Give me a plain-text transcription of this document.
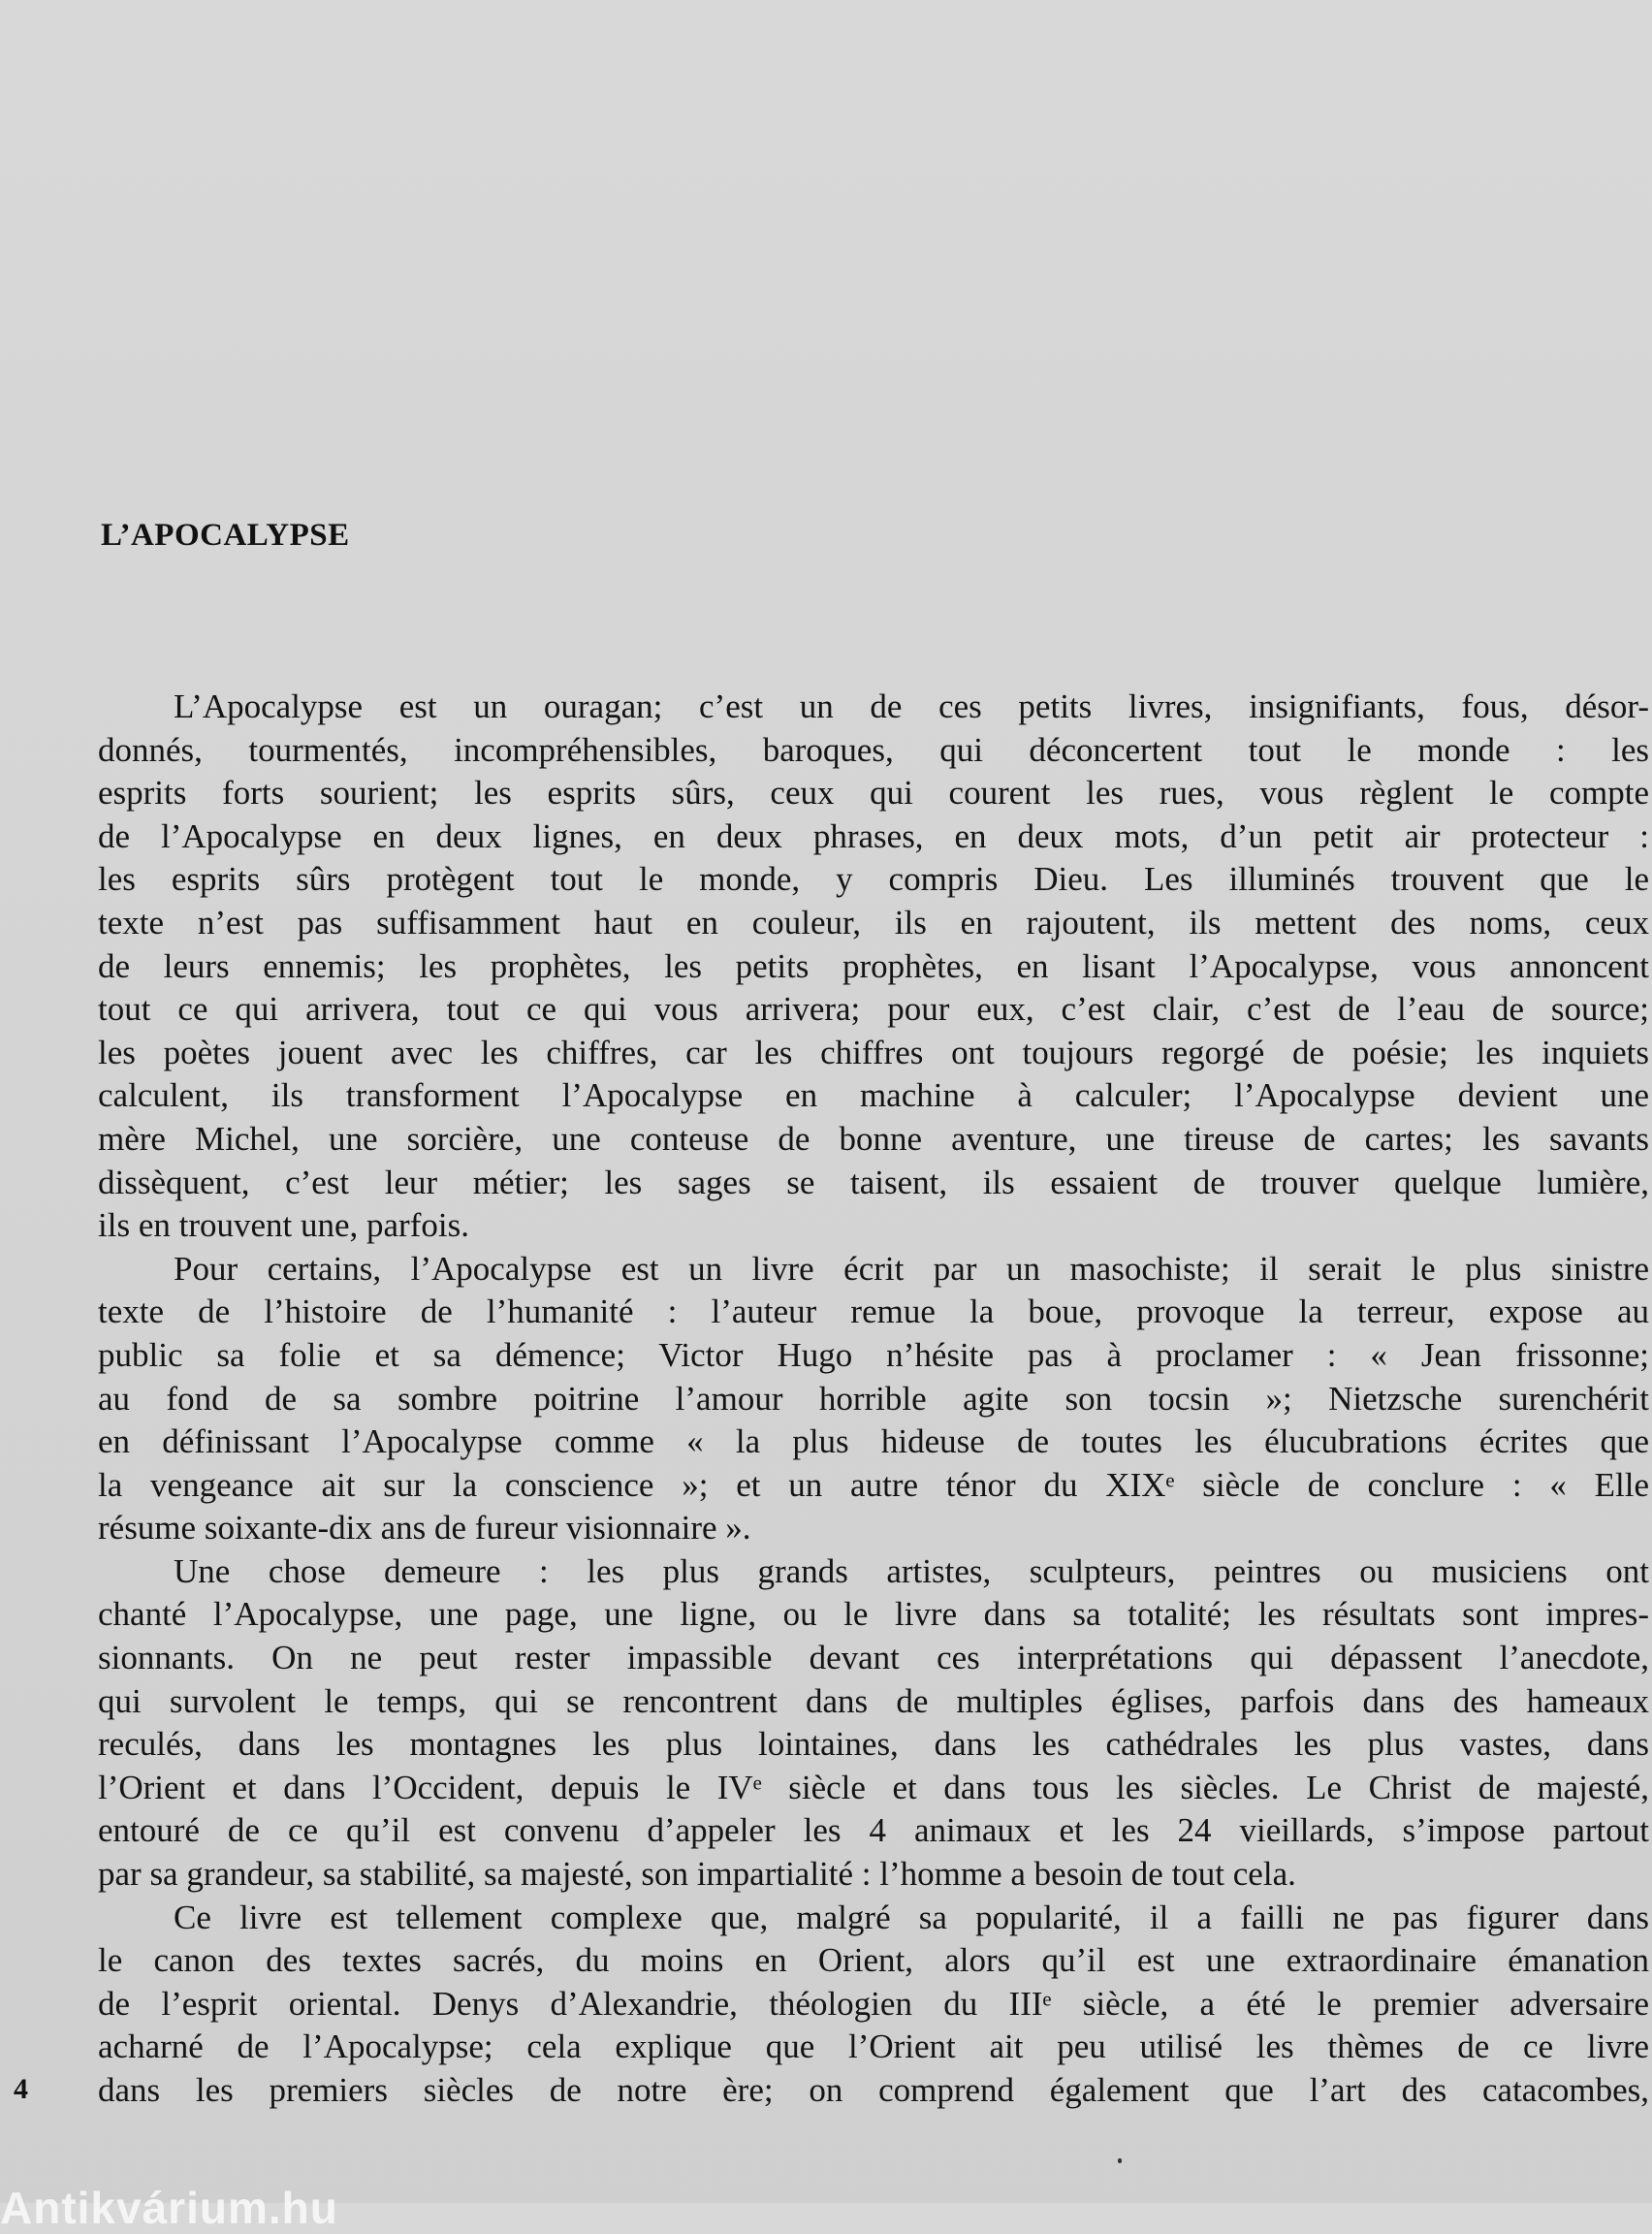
L’APOCALYPSE
L’Apocalypse est un ouragan; c’est un de ces petits livres, insignifiants, fous, désor-
donnés, tourmentés, incompréhensibles, baroques, qui déconcertent tout le monde : les
esprits forts sourient; les esprits sûrs, ceux qui courent les rues, vous règlent le compte
de l’Apocalypse en deux lignes, en deux phrases, en deux mots, d’un petit air protecteur :
les esprits sûrs protègent tout le monde, y compris Dieu. Les illuminés trouvent que le
texte n’est pas suffisamment haut en couleur, ils en rajoutent, ils mettent des noms, ceux
de leurs ennemis; les prophètes, les petits prophètes, en lisant l’Apocalypse, vous annoncent
tout ce qui arrivera, tout ce qui vous arrivera; pour eux, c’est clair, c’est de l’eau de source;
les poètes jouent avec les chiffres, car les chiffres ont toujours regorgé de poésie; les inquiets
calculent, ils transforment l’Apocalypse en machine à calculer; l’Apocalypse devient une
mère Michel, une sorcière, une conteuse de bonne aventure, une tireuse de cartes; les savants
dissèquent, c’est leur métier; les sages se taisent, ils essaient de trouver quelque lumière,
ils en trouvent une, parfois.
Pour certains, l’Apocalypse est un livre écrit par un masochiste; il serait le plus sinistre
texte de l’histoire de l’humanité : l’auteur remue la boue, provoque la terreur, expose au
public sa folie et sa démence; Victor Hugo n’hésite pas à proclamer : « Jean frissonne;
au fond de sa sombre poitrine l’amour horrible agite son tocsin »; Nietzsche surenchérit
en définissant l’Apocalypse comme « la plus hideuse de toutes les élucubrations écrites que
la vengeance ait sur la conscience »; et un autre ténor du XIXᵉ siècle de conclure : « Elle
résume soixante-dix ans de fureur visionnaire ».
Une chose demeure : les plus grands artistes, sculpteurs, peintres ou musiciens ont
chanté l’Apocalypse, une page, une ligne, ou le livre dans sa totalité; les résultats sont impres-
sionnants. On ne peut rester impassible devant ces interprétations qui dépassent l’anecdote,
qui survolent le temps, qui se rencontrent dans de multiples églises, parfois dans des hameaux
reculés, dans les montagnes les plus lointaines, dans les cathédrales les plus vastes, dans
l’Orient et dans l’Occident, depuis le IVᵉ siècle et dans tous les siècles. Le Christ de majesté,
entouré de ce qu’il est convenu d’appeler les 4 animaux et les 24 vieillards, s’impose partout
par sa grandeur, sa stabilité, sa majesté, son impartialité : l’homme a besoin de tout cela.
Ce livre est tellement complexe que, malgré sa popularité, il a failli ne pas figurer dans
le canon des textes sacrés, du moins en Orient, alors qu’il est une extraordinaire émanation
de l’esprit oriental. Denys d’Alexandrie, théologien du IIIᵉ siècle, a été le premier adversaire
acharné de l’Apocalypse; cela explique que l’Orient ait peu utilisé les thèmes de ce livre
dans les premiers siècles de notre ère; on comprend également que l’art des catacombes,
4
Antikvárium.hu
